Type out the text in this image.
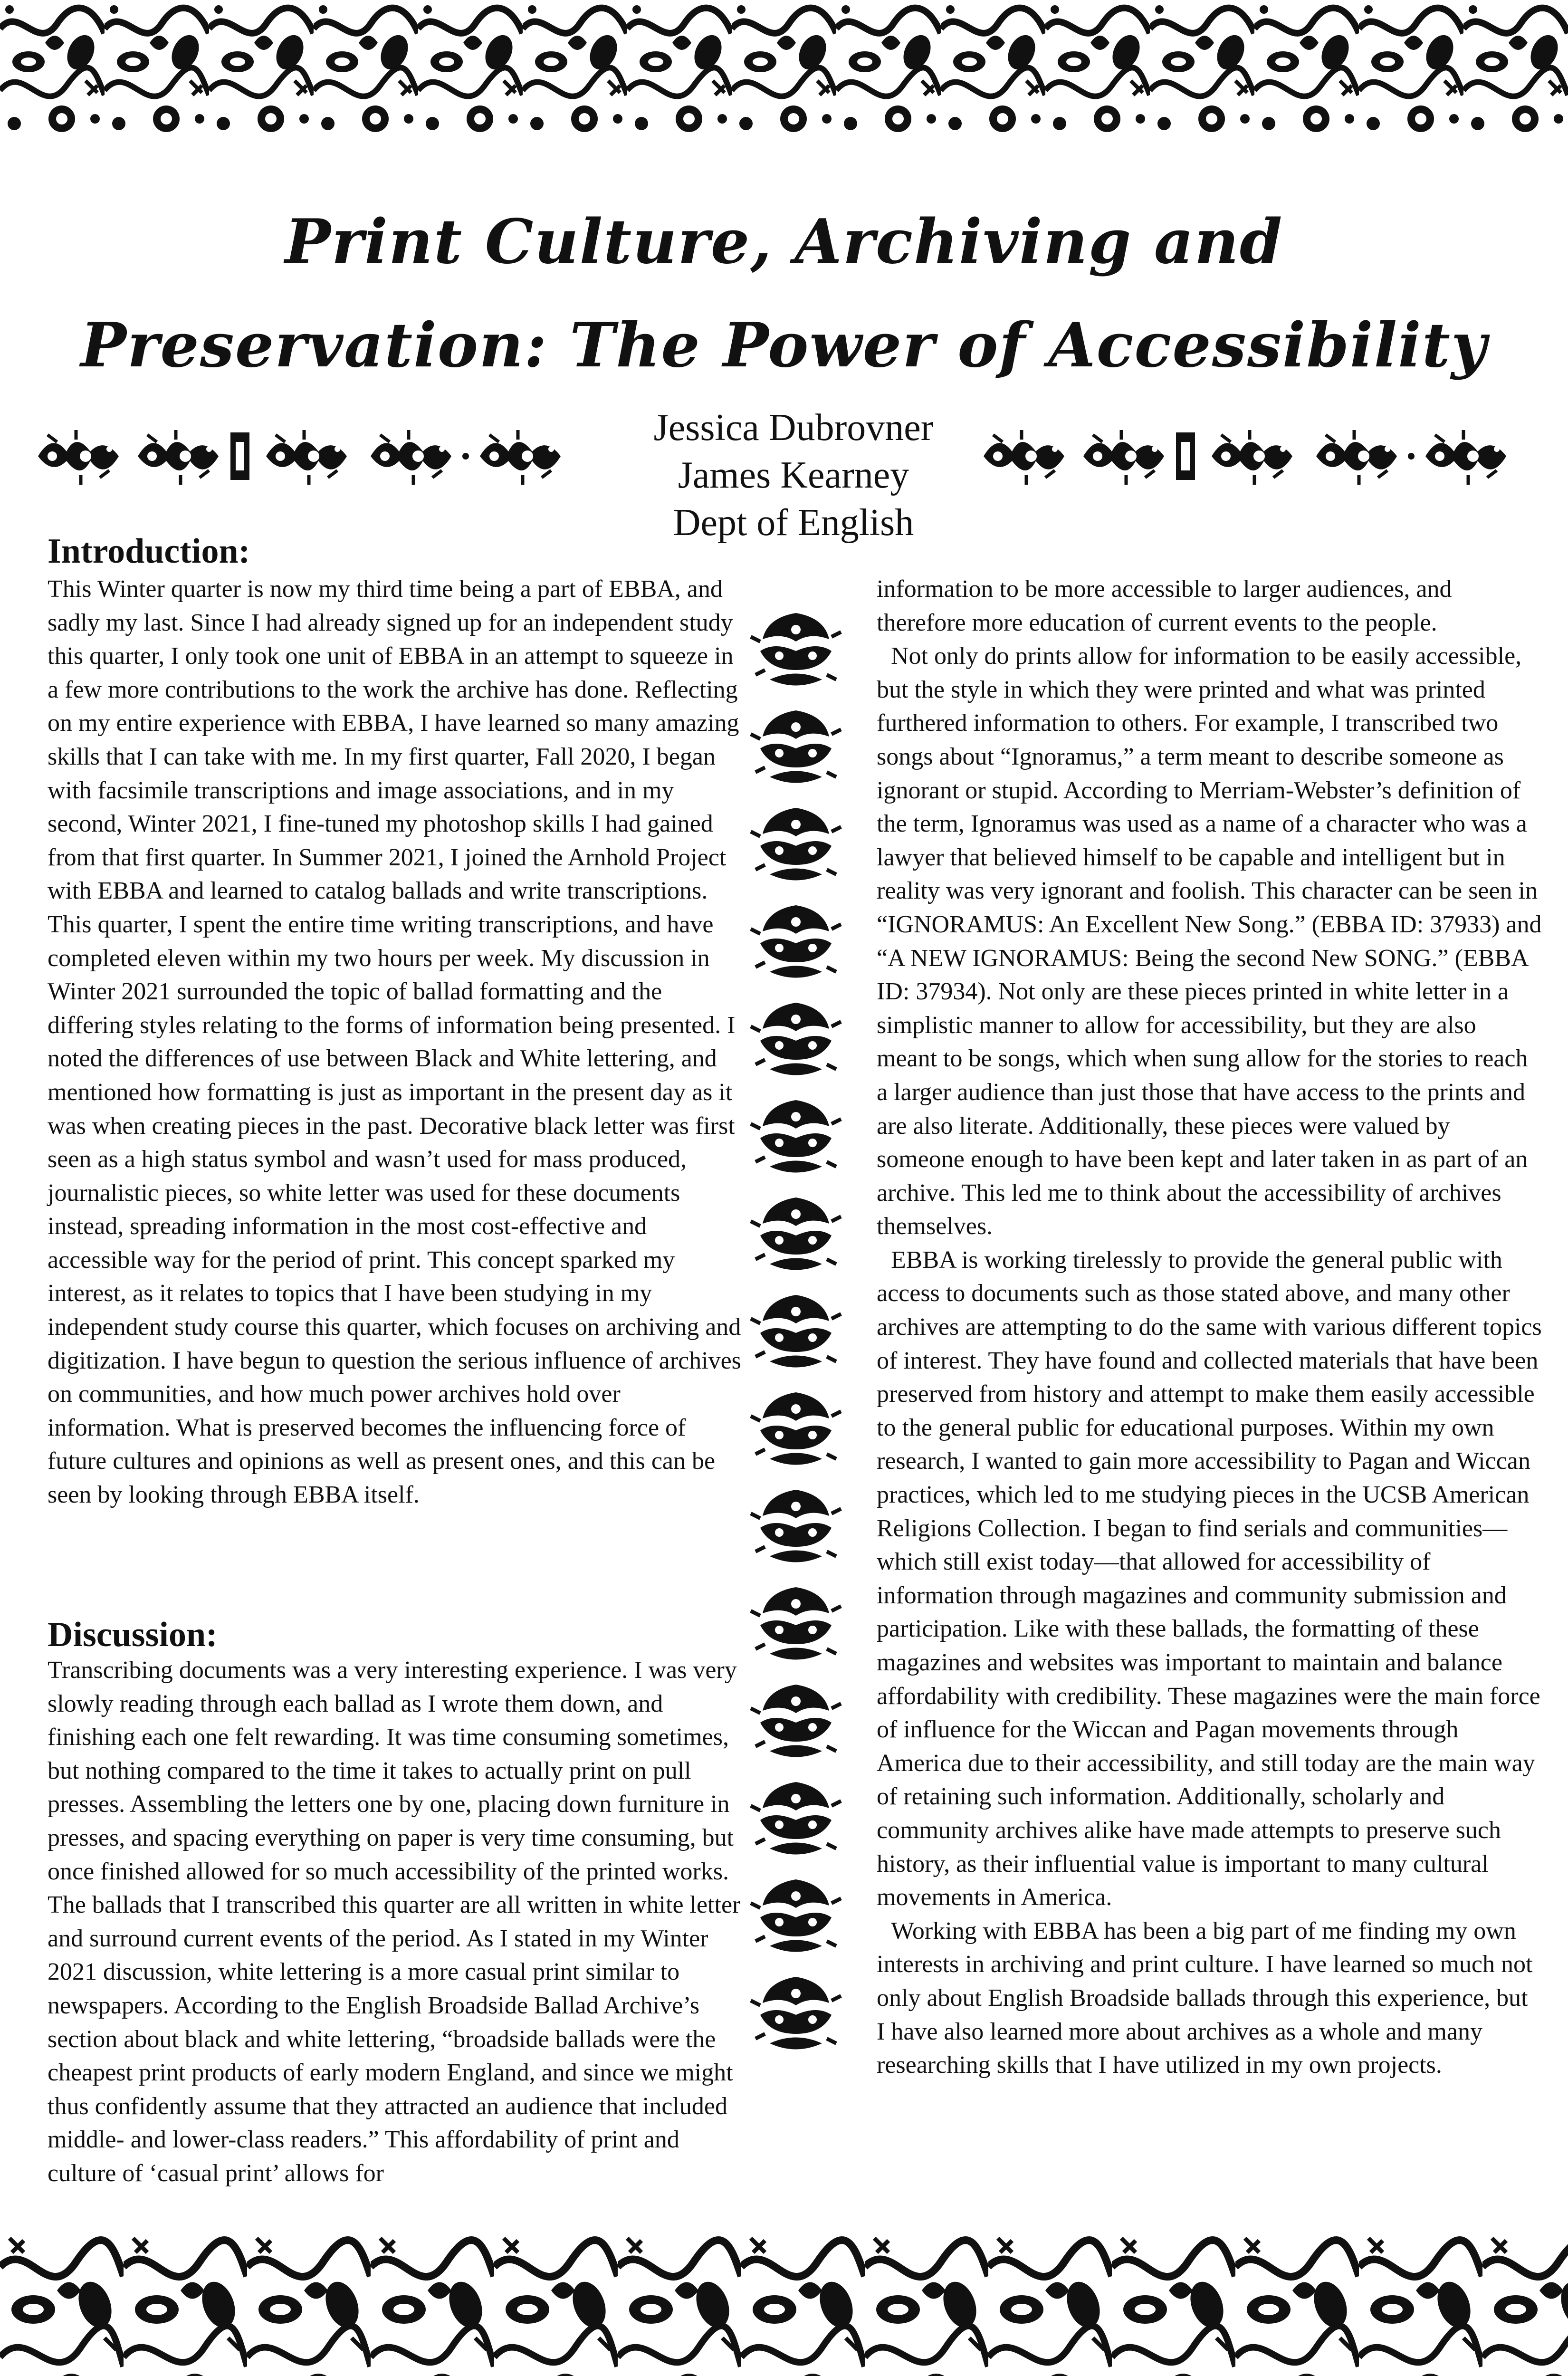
Print Culture, Archiving and Preservation: The Power of Accessibility
Jessica Dubrovner
James Kearney
Dept of English
Introduction:

This Winter quarter is now my third time being a part of EBBA, and sadly my last. Since I had already signed up for an independent study this quarter, I only took one unit of EBBA in an attempt to squeeze in a few more contributions to the work the archive has done. Reflecting on my entire experience with EBBA, I have learned so many amazing skills that I can take with me. In my first quarter, Fall 2020, I began with facsimile transcriptions and image associations, and in my second, Winter 2021, I fine-tuned my photoshop skills I had gained from that first quarter. In Summer 2021, I joined the Arnhold Project with EBBA and learned to catalog ballads and write transcriptions. This quarter, I spent the entire time writing transcriptions, and have completed eleven within my two hours per week. My discussion in Winter 2021 surrounded the topic of ballad formatting and the differing styles relating to the forms of information being presented. I noted the differences of use between Black and White lettering, and mentioned how formatting is just as important in the present day as it was when creating pieces in the past. Decorative black letter was first seen as a high status symbol and wasn’t used for mass produced, journalistic pieces, so white letter was used for these documents instead, spreading information in the most cost-effective and accessible way for the period of print. This concept sparked my interest, as it relates to topics that I have been studying in my independent study course this quarter, which focuses on archiving and digitization. I have begun to question the serious influence of archives on communities, and how much power archives hold over information. What is preserved becomes the influencing force of future cultures and opinions as well as present ones, and this can be seen by looking through EBBA itself.

Discussion:

Transcribing documents was a very interesting experience. I was very slowly reading through each ballad as I wrote them down, and finishing each one felt rewarding. It was time consuming sometimes, but nothing compared to the time it takes to actually print on pull presses. Assembling the letters one by one, placing down furniture in presses, and spacing everything on paper is very time consuming, but once finished allowed for so much accessibility of the printed works. The ballads that I transcribed this quarter are all written in white letter and surround current events of the period. As I stated in my Winter 2021 discussion, white lettering is a more casual print similar to newspapers. According to the English Broadside Ballad Archive’s section about black and white lettering, “broadside ballads were the cheapest print products of early modern England, and since we might thus confidently assume that they attracted an audience that included middle- and lower-class readers.” This affordability of print and culture of ‘casual print’ allows for

information to be more accessible to larger audiences, and therefore more education of current events to the people.

Not only do prints allow for information to be easily accessible, but the style in which they were printed and what was printed furthered information to others. For example, I transcribed two songs about “Ignoramus,” a term meant to describe someone as ignorant or stupid. According to Merriam-Webster’s definition of the term, Ignoramus was used as a name of a character who was a lawyer that believed himself to be capable and intelligent but in reality was very ignorant and foolish. This character can be seen in “IGNORAMUS: An Excellent New Song.” (EBBA ID: 37933) and “A NEW IGNORAMUS: Being the second New SONG.” (EBBA ID: 37934). Not only are these pieces printed in white letter in a simplistic manner to allow for accessibility, but they are also meant to be songs, which when sung allow for the stories to reach a larger audience than just those that have access to the prints and are also literate. Additionally, these pieces were valued by someone enough to have been kept and later taken in as part of an archive. This led me to think about the accessibility of archives themselves.

EBBA is working tirelessly to provide the general public with access to documents such as those stated above, and many other archives are attempting to do the same with various different topics of interest. They have found and collected materials that have been preserved from history and attempt to make them easily accessible to the general public for educational purposes. Within my own research, I wanted to gain more accessibility to Pagan and Wiccan practices, which led to me studying pieces in the UCSB American Religions Collection. I began to find serials and communities—which still exist today—that allowed for accessibility of information through magazines and community submission and participation. Like with these ballads, the formatting of these magazines and websites was important to maintain and balance affordability with credibility. These magazines were the main force of influence for the Wiccan and Pagan movements through America due to their accessibility, and still today are the main way of retaining such information. Additionally, scholarly and community archives alike have made attempts to preserve such history, as their influential value is important to many cultural movements in America.

Working with EBBA has been a big part of me finding my own interests in archiving and print culture. I have learned so much not only about English Broadside ballads through this experience, but I have also learned more about archives as a whole and many researching skills that I have utilized in my own projects.
